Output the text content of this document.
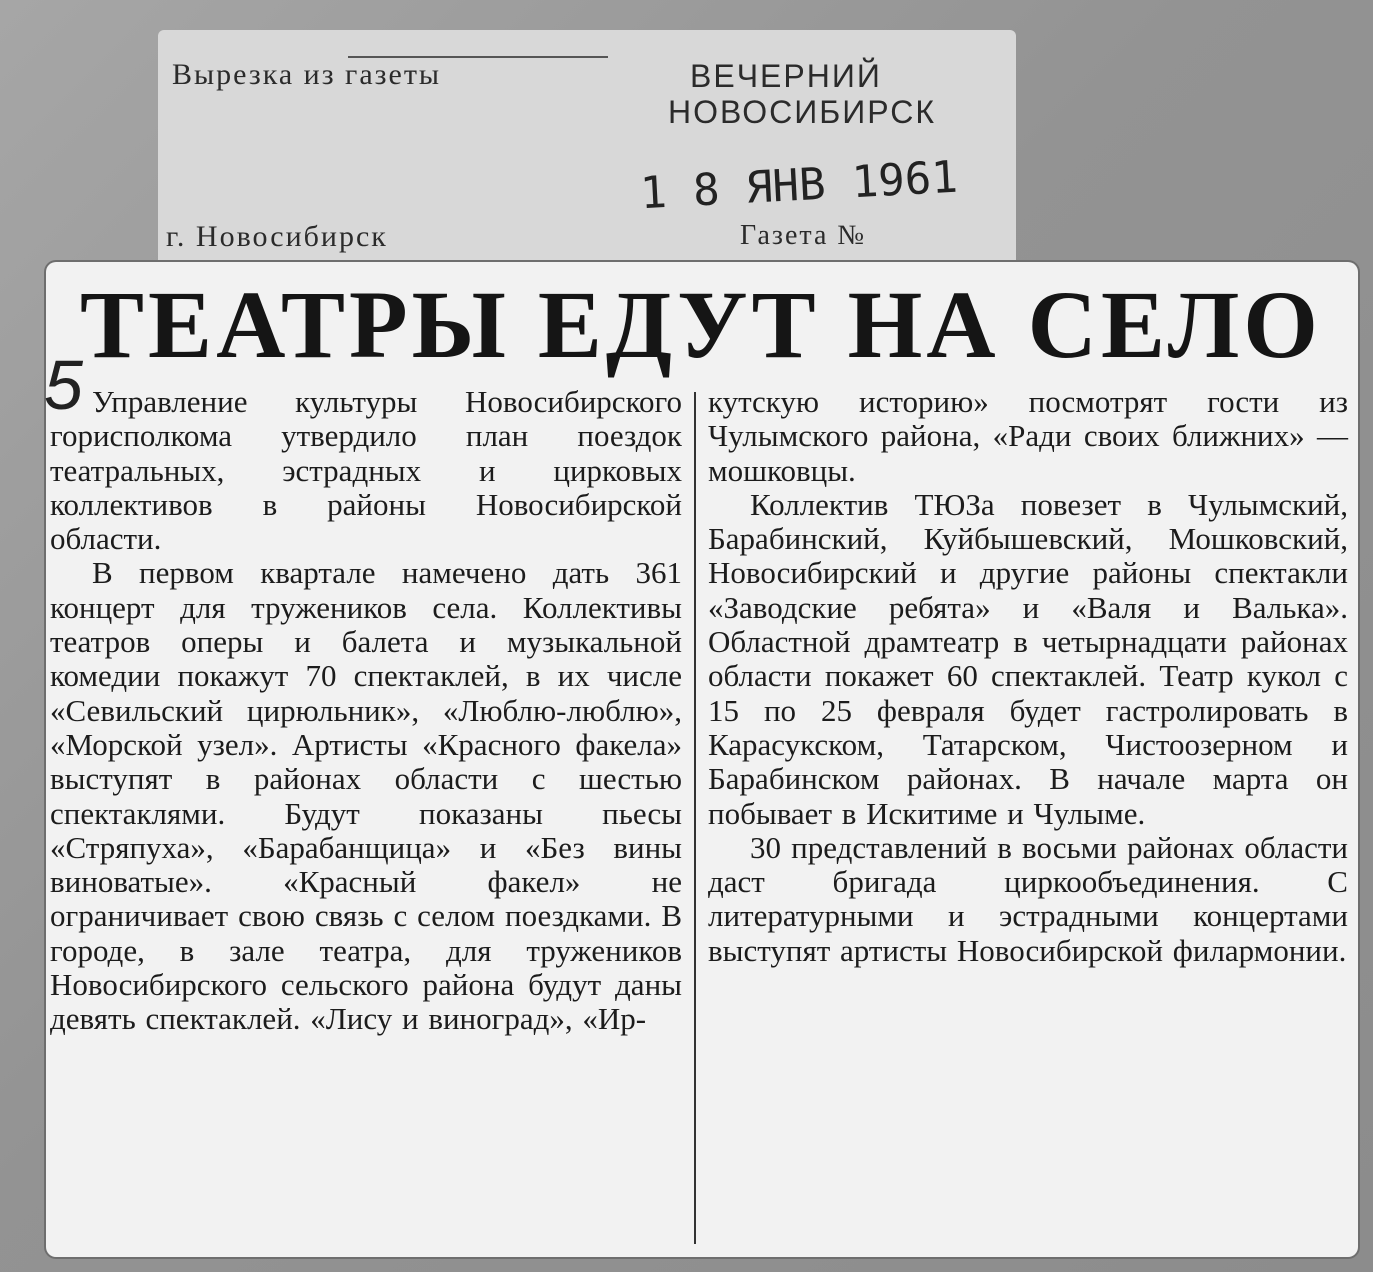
Вырезка из газеты	ВЕЧЕРНИЙ
НОВОСИБИРСК
г. Новосибирск	Газета №
1 8 ЯНВ 1961
ТЕАТРЫ ЕДУТ НА СЕЛО
5 Управление культуры Новосибирского горисполкома утвердило план поездок театральных, эстрадных и цирковых коллективов в районы Новосибирской области.

В первом квартале намечено дать 361 концерт для тружеников села. Коллективы театров оперы и балета и музыкальной комедии покажут 70 спектаклей, в их числе «Севильский цирюльник», «Люблю-люблю», «Морской узел». Артисты «Красного факела» выступят в районах области с шестью спектаклями. Будут показаны пьесы «Стряпуха», «Барабанщица» и «Без вины виноватые». «Красный факел» не ограничивает свою связь с селом поездками. В городе, в зале театра, для тружеников Новосибирского сельского района будут даны девять спектаклей. «Лису и виноград», «Ир-

кутскую историю» посмотрят гости из Чулымского района, «Ради своих ближних» — мошковцы.

Коллектив ТЮЗа повезет в Чулымский, Барабинский, Куйбышевский, Мошковский, Новосибирский и другие районы спектакли «Заводские ребята» и «Валя и Валька». Областной драмтеатр в четырнадцати районах области покажет 60 спектаклей. Театр кукол с 15 по 25 февраля будет гастролировать в Карасукском, Татарском, Чистоозерном и Барабинском районах. В начале марта он побывает в Искитиме и Чулыме.

30 представлений в восьми районах области даст бригада циркообъединения. С литературными и эстрадными концертами выступят артисты Новосибирской филармонии.
